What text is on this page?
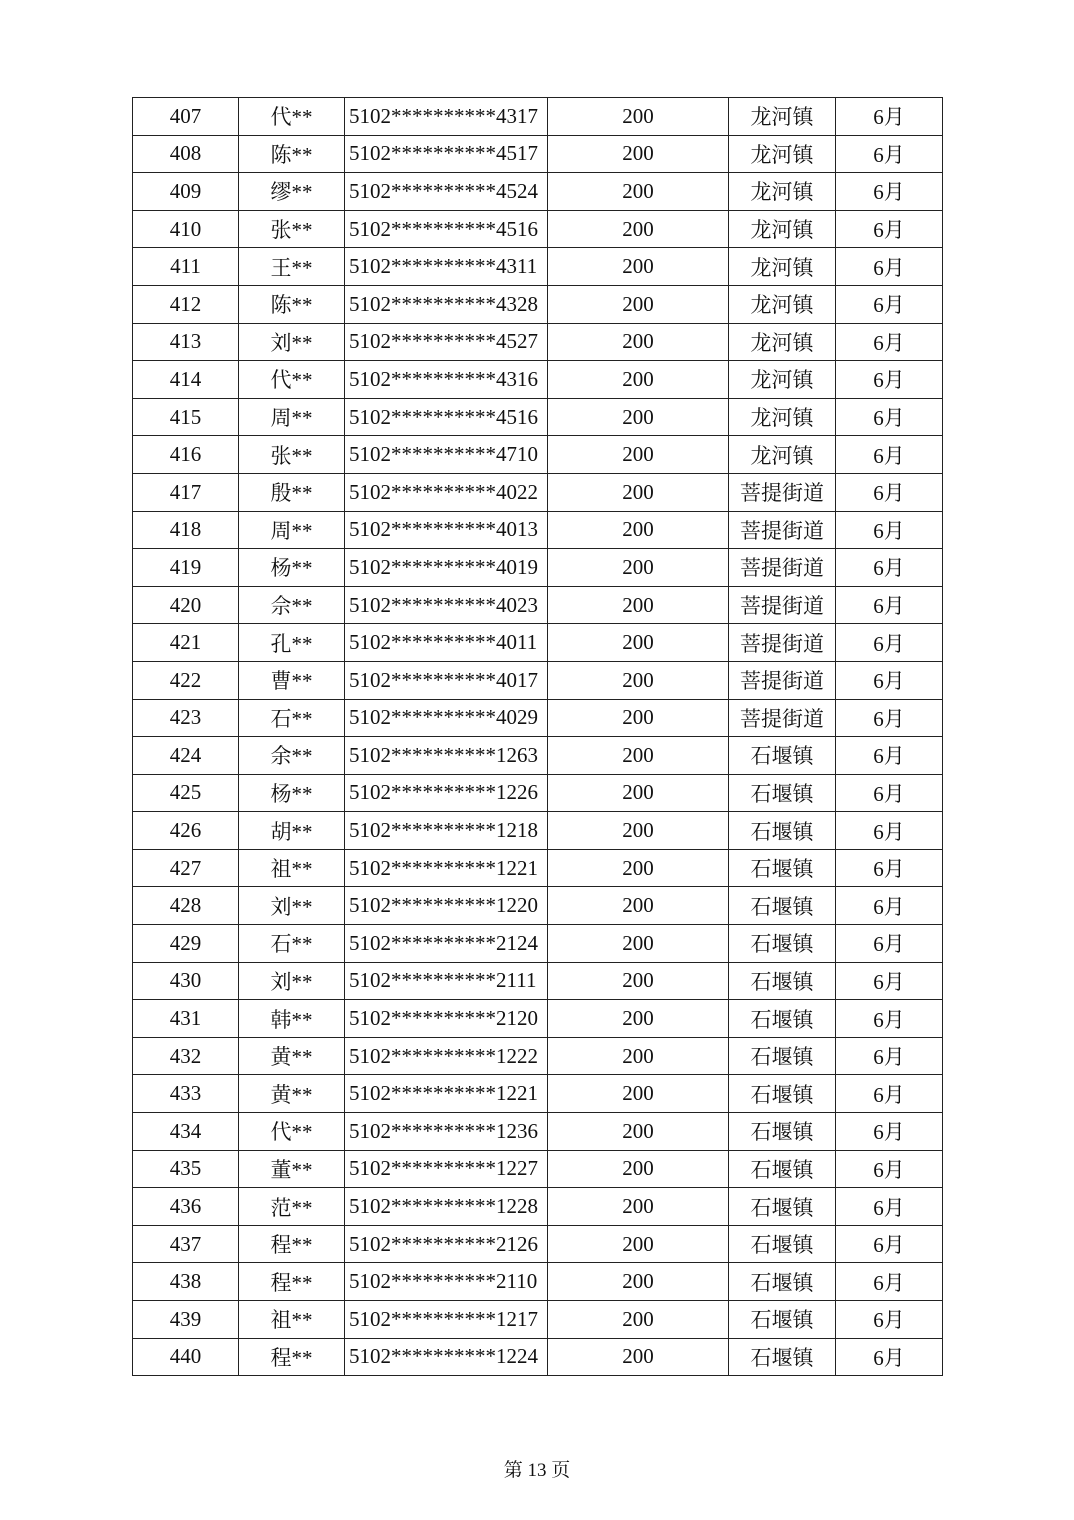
407	代**	5102**********4317	200	龙河镇	6月
408	陈**	5102**********4517	200	龙河镇	6月
409	缪**	5102**********4524	200	龙河镇	6月
410	张**	5102**********4516	200	龙河镇	6月
411	王**	5102**********4311	200	龙河镇	6月
412	陈**	5102**********4328	200	龙河镇	6月
413	刘**	5102**********4527	200	龙河镇	6月
414	代**	5102**********4316	200	龙河镇	6月
415	周**	5102**********4516	200	龙河镇	6月
416	张**	5102**********4710	200	龙河镇	6月
417	殷**	5102**********4022	200	菩提街道	6月
418	周**	5102**********4013	200	菩提街道	6月
419	杨**	5102**********4019	200	菩提街道	6月
420	佘**	5102**********4023	200	菩提街道	6月
421	孔**	5102**********4011	200	菩提街道	6月
422	曹**	5102**********4017	200	菩提街道	6月
423	石**	5102**********4029	200	菩提街道	6月
424	余**	5102**********1263	200	石堰镇	6月
425	杨**	5102**********1226	200	石堰镇	6月
426	胡**	5102**********1218	200	石堰镇	6月
427	祖**	5102**********1221	200	石堰镇	6月
428	刘**	5102**********1220	200	石堰镇	6月
429	石**	5102**********2124	200	石堰镇	6月
430	刘**	5102**********2111	200	石堰镇	6月
431	韩**	5102**********2120	200	石堰镇	6月
432	黄**	5102**********1222	200	石堰镇	6月
433	黄**	5102**********1221	200	石堰镇	6月
434	代**	5102**********1236	200	石堰镇	6月
435	董**	5102**********1227	200	石堰镇	6月
436	范**	5102**********1228	200	石堰镇	6月
437	程**	5102**********2126	200	石堰镇	6月
438	程**	5102**********2110	200	石堰镇	6月
439	祖**	5102**********1217	200	石堰镇	6月
440	程**	5102**********1224	200	石堰镇	6月
第 13 页
